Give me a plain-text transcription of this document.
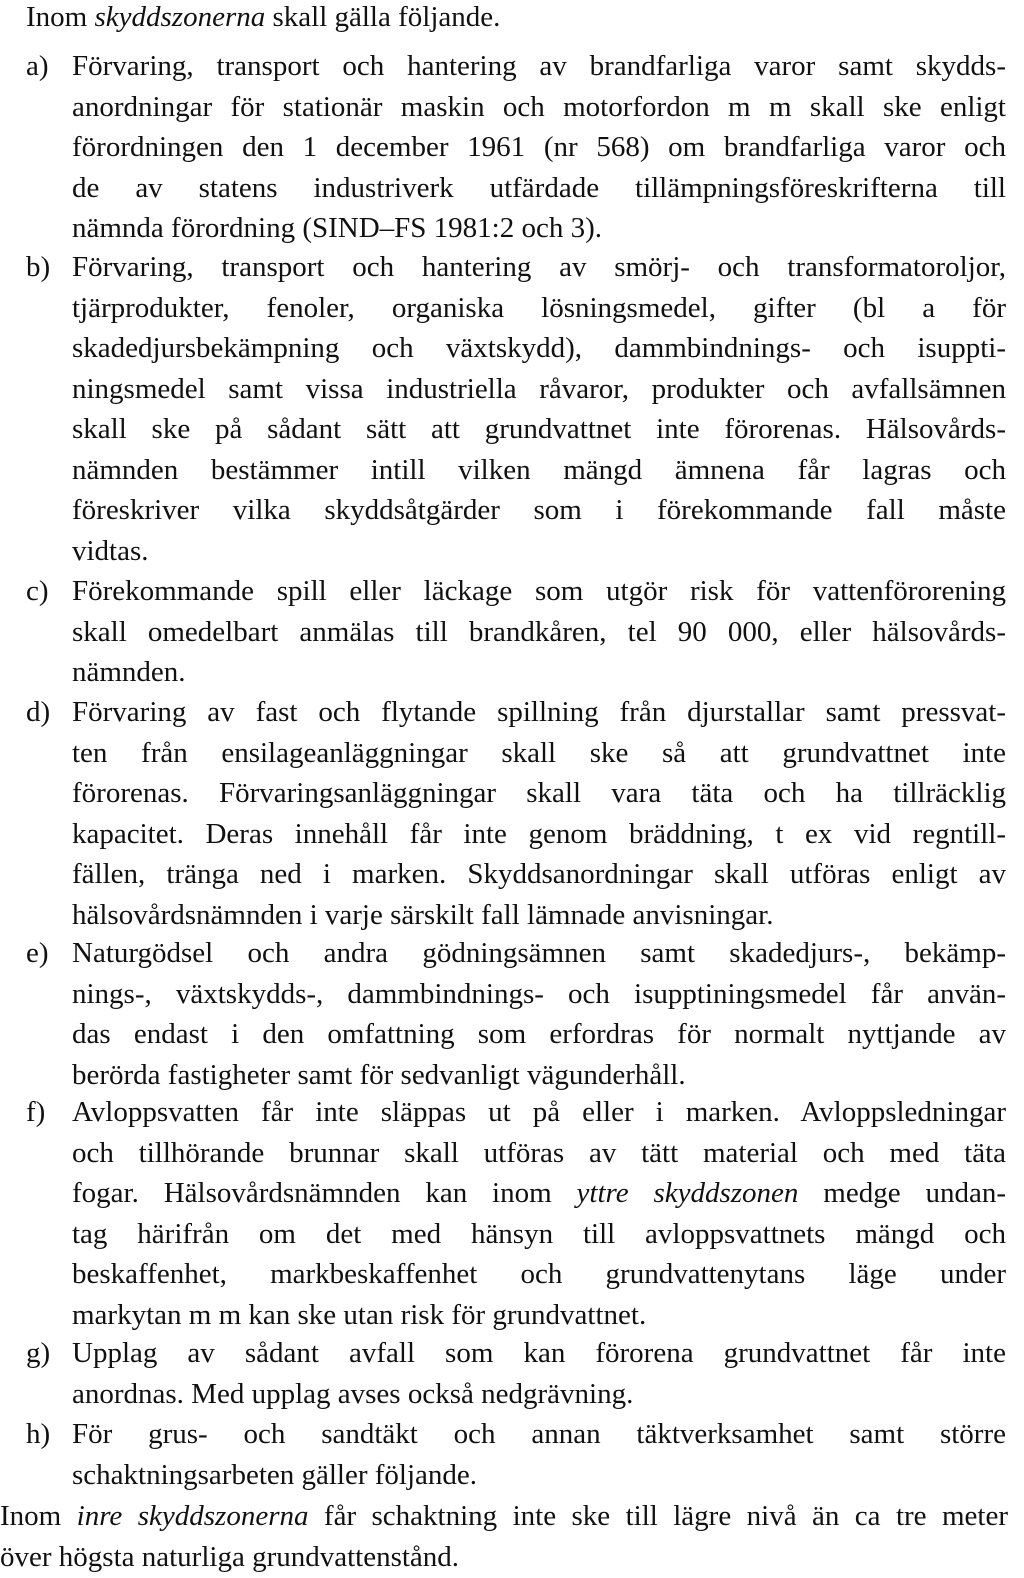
Inom skyddszonerna skall gälla följande.
a) Förvaring, transport och hantering av brandfarliga varor samt skydds-
anordningar för stationär maskin och motorfordon m m skall ske enligt
förordningen den 1 december 1961 (nr 568) om brandfarliga varor och
de av statens industriverk utfärdade tillämpningsföreskrifterna till
nämnda förordning (SIND–FS 1981:2 och 3).
b) Förvaring, transport och hantering av smörj- och transformatoroljor,
tjärprodukter, fenoler, organiska lösningsmedel, gifter (bl a för
skadedjursbekämpning och växtskydd), dammbindnings- och isuppti-
ningsmedel samt vissa industriella råvaror, produkter och avfallsämnen
skall ske på sådant sätt att grundvattnet inte förorenas. Hälsovårds-
nämnden bestämmer intill vilken mängd ämnena får lagras och
föreskriver vilka skyddsåtgärder som i förekommande fall måste
vidtas.
c) Förekommande spill eller läckage som utgör risk för vattenförorening
skall omedelbart anmälas till brandkåren, tel 90 000, eller hälsovårds-
nämnden.
d) Förvaring av fast och flytande spillning från djurstallar samt pressvat-
ten från ensilageanläggningar skall ske så att grundvattnet inte
förorenas. Förvaringsanläggningar skall vara täta och ha tillräcklig
kapacitet. Deras innehåll får inte genom bräddning, t ex vid regntill-
fällen, tränga ned i marken. Skyddsanordningar skall utföras enligt av
hälsovårdsnämnden i varje särskilt fall lämnade anvisningar.
e) Naturgödsel och andra gödningsämnen samt skadedjurs-, bekämp-
nings-, växtskydds-, dammbindnings- och isupptiningsmedel får använ-
das endast i den omfattning som erfordras för normalt nyttjande av
berörda fastigheter samt för sedvanligt vägunderhåll.
f) Avloppsvatten får inte släppas ut på eller i marken. Avloppsledningar
och tillhörande brunnar skall utföras av tätt material och med täta
fogar. Hälsovårdsnämnden kan inom yttre skyddszonen medge undan-
tag härifrån om det med hänsyn till avloppsvattnets mängd och
beskaffenhet, markbeskaffenhet och grundvattenytans läge under
markytan m m kan ske utan risk för grundvattnet.
g) Upplag av sådant avfall som kan förorena grundvattnet får inte
anordnas. Med upplag avses också nedgrävning.
h) För grus- och sandtäkt och annan täktverksamhet samt större
schaktningsarbeten gäller följande.
Inom inre skyddszonerna får schaktning inte ske till lägre nivå än ca tre meter
över högsta naturliga grundvattenstånd.
